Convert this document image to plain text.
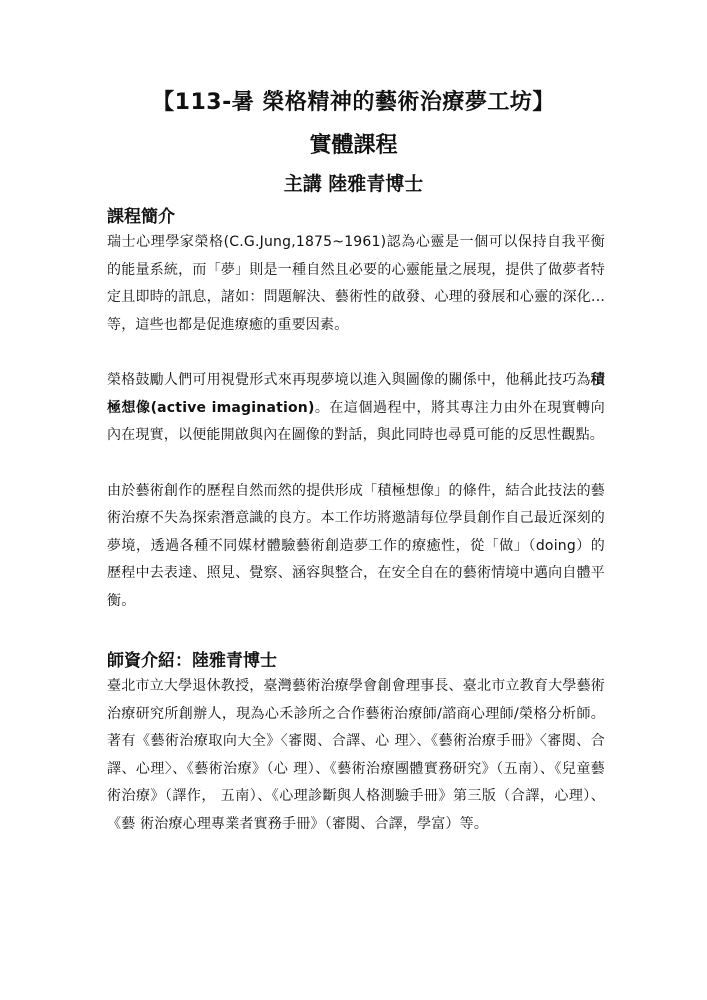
【113-暑 榮格精神的藝術治療夢工坊】
實體課程
主講 陸雅青博士
課程簡介

瑞士心理學家榮格(C.G.Jung,1875~1961)認為心靈是一個可以保持自我平衡的能量系統，而「夢」則是一種自然且必要的心靈能量之展現，提供了做夢者特定且即時的訊息，諸如：問題解決、藝術性的啟發、心理的發展和心靈的深化...等，這些也都是促進療癒的重要因素。

榮格鼓勵人們可用視覺形式來再現夢境以進入與圖像的關係中，他稱此技巧為積極想像(active imagination)。在這個過程中，將其專注力由外在現實轉向內在現實，以便能開啟與內在圖像的對話，與此同時也尋覓可能的反思性觀點。

由於藝術創作的歷程自然而然的提供形成「積極想像」的條件，結合此技法的藝術治療不失為探索潛意識的良方。本工作坊將邀請每位學員創作自己最近深刻的夢境，透過各種不同媒材體驗藝術創造夢工作的療癒性，從「做」（doing）的歷程中去表達、照見、覺察、涵容與整合，在安全自在的藝術情境中邁向自體平衡。

師資介紹：陸雅青博士

臺北市立大學退休教授，臺灣藝術治療學會創會理事長、臺北市立教育大學藝術治療研究所創辦人，現為心禾診所之合作藝術治療師/諮商心理師/榮格分析師。著有《藝術治療取向大全》〈審閱、合譯、心 理〉、《藝術治療手冊》〈審閱、合譯、心理〉、《藝術治療》（心 理）、《藝術治療團體實務研究》（五南）、《兒童藝術治療》（譯作， 五南）、《心理診斷與人格測驗手冊》第三版（合譯，心理）、《藝 術治療心理專業者實務手冊》（審閱、合譯，學富）等。
